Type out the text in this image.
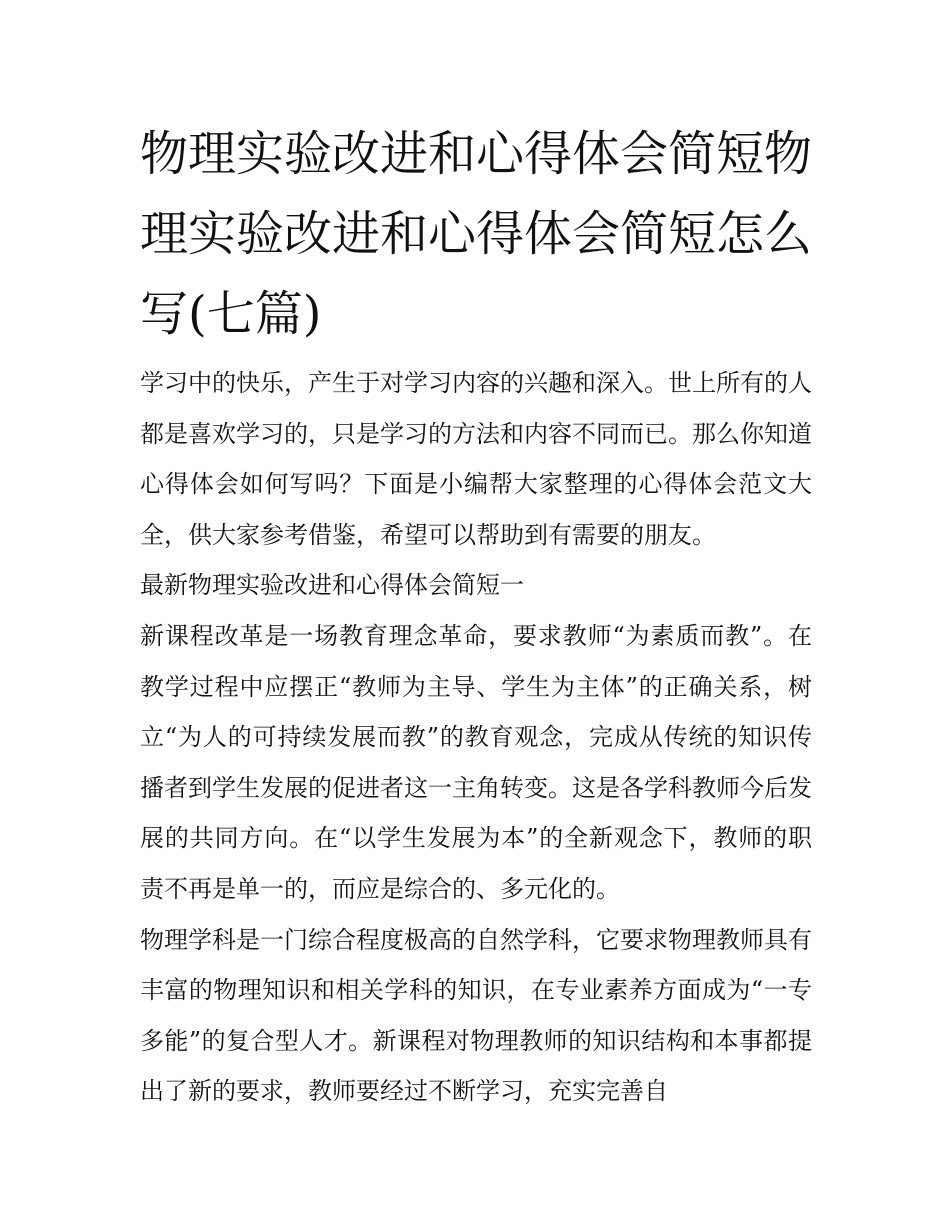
物理实验改进和心得体会简短物理实验改进和心得体会简短怎么写(七篇)

学习中的快乐，产生于对学习内容的兴趣和深入。世上所有的人都是喜欢学习的，只是学习的方法和内容不同而已。那么你知道心得体会如何写吗？下面是小编帮大家整理的心得体会范文大全，供大家参考借鉴，希望可以帮助到有需要的朋友。

最新物理实验改进和心得体会简短一

新课程改革是一场教育理念革命，要求教师“为素质而教”。在教学过程中应摆正“教师为主导、学生为主体”的正确关系，树立“为人的可持续发展而教”的教育观念，完成从传统的知识传播者到学生发展的促进者这一主角转变。这是各学科教师今后发展的共同方向。在“以学生发展为本”的全新观念下，教师的职责不再是单一的，而应是综合的、多元化的。

物理学科是一门综合程度极高的自然学科，它要求物理教师具有丰富的物理知识和相关学科的知识，在专业素养方面成为“一专多能”的复合型人才。新课程对物理教师的知识结构和本事都提出了新的要求，教师要经过不断学习，充实完善自
